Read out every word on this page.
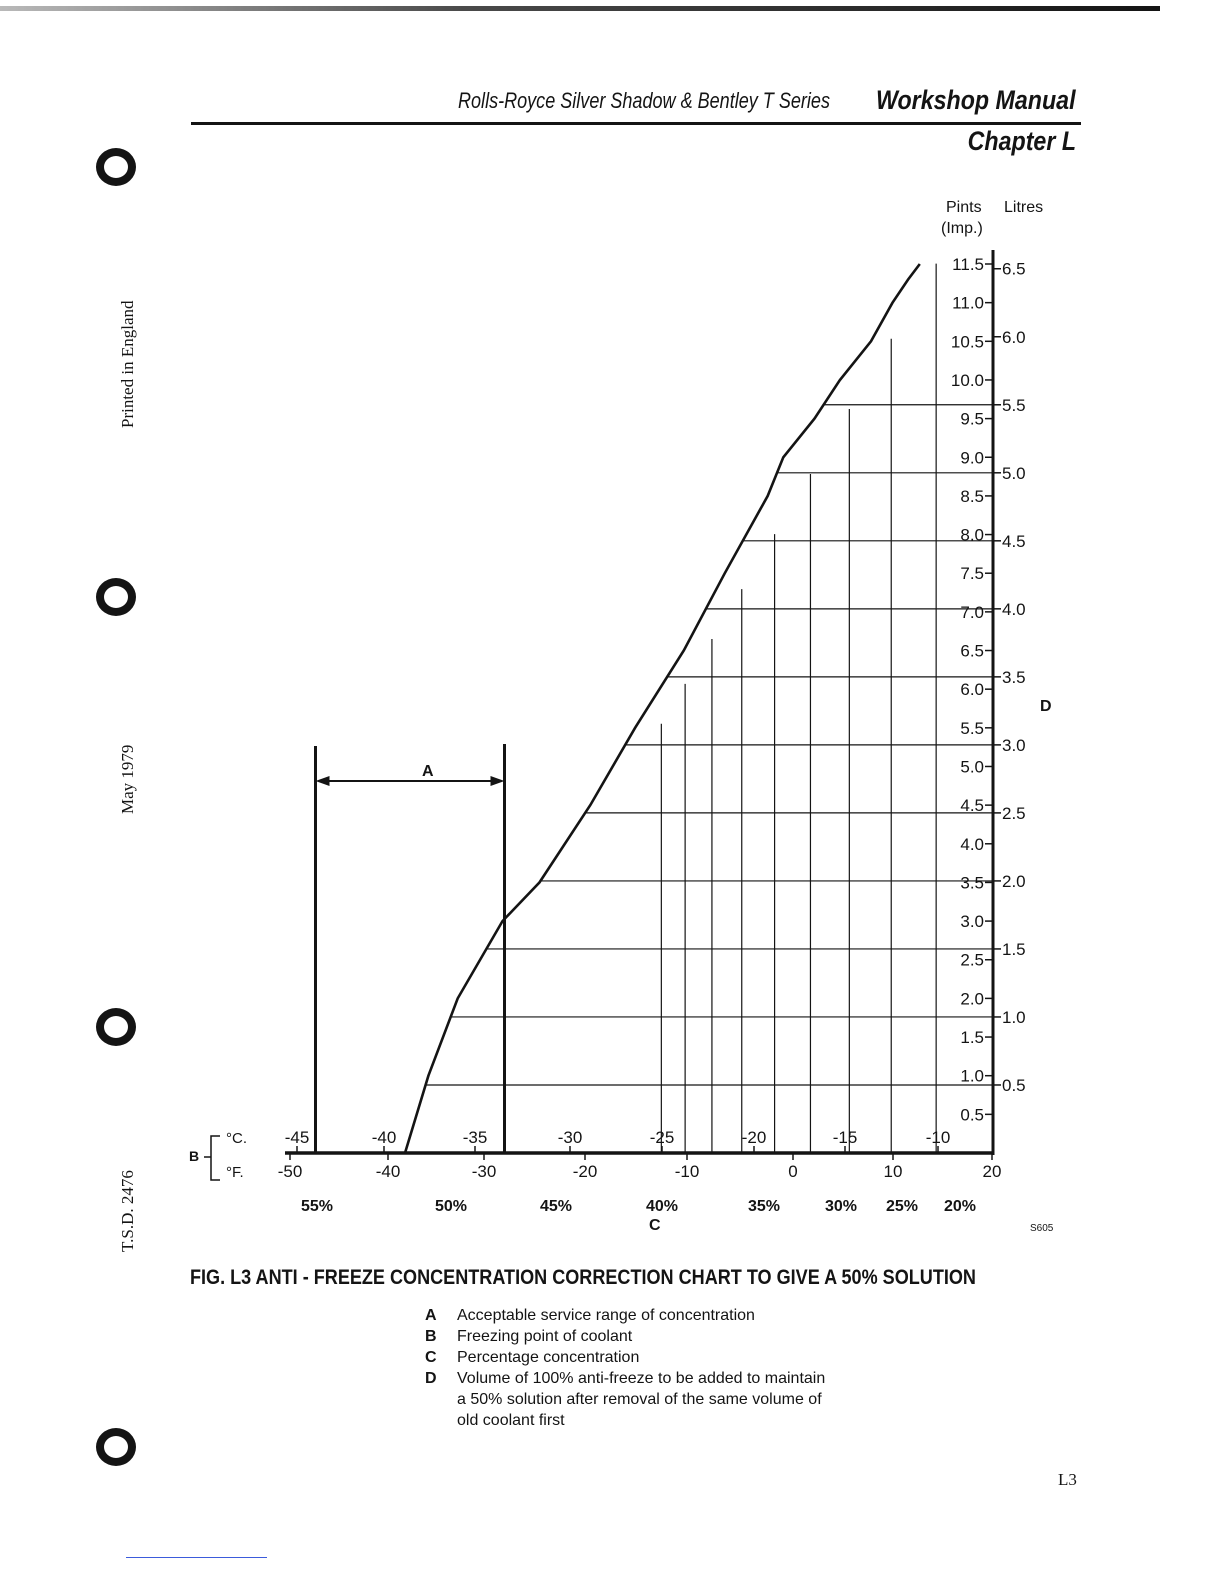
Rolls-Royce Silver Shadow & Bentley T Series Workshop Manual
Chapter L
Printed in England
May 1979
T.S.D. 2476
11.5
11.0
10.5
10.0
9.5
9.0
8.5
8.0
7.5
7.0
6.5
6.0
5.5
5.0
4.5
4.0
3.5
3.0
2.5
2.0
1.5
1.0
0.5
6.5
6.0
5.5
5.0
4.5
4.0
3.5
3.0
2.5
2.0
1.5
1.0
0.5
-45	-40	-35	-30	-25	-20	-15	-10
-50	-40	-30	-20	-10	0	10	20
55%	50%	45%	40%	35%	30% 25% 20%
Pints
(Imp.)
Litres
D
A
B
C
°C.
°F.
S605
FIG. L3 ANTI - FREEZE CONCENTRATION CORRECTION CHART TO GIVE A 50% SOLUTION
A Acceptable service range of concentration
B Freezing point of coolant
C Percentage concentration
D Volume of 100% anti-freeze to be added to maintain a 50% solution after removal of the same volume of old coolant first
L3
